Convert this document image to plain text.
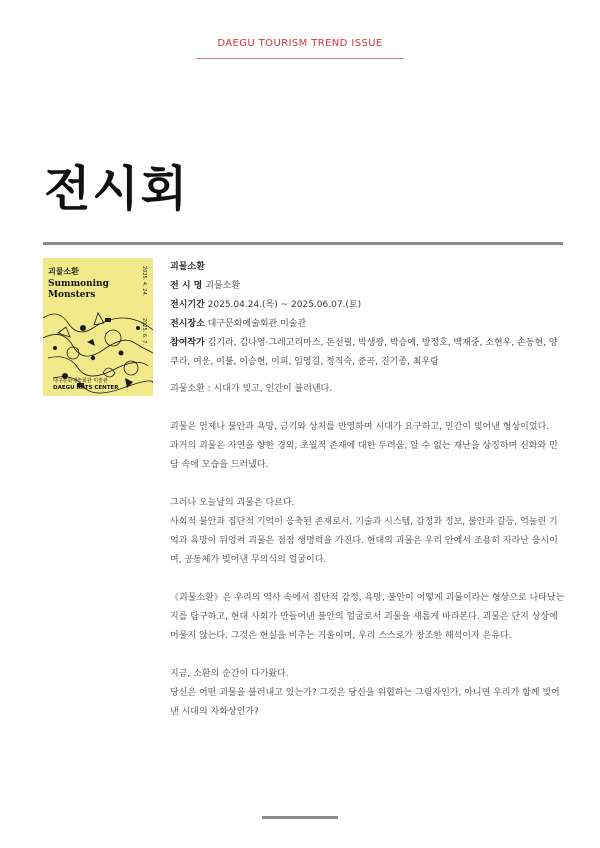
DAEGU TOURISM TREND ISSUE
전시회
괴물소환
Summoning
Monsters	2025. 4. 24.
2025. 6. 7.
대구문화예술회관 미술관
DAEGU ARTS CENTER
괴물소환
전 시 명 괴물소환
전시기간 2025.04.24.(목) ~ 2025.06.07.(토)
전시장소 대구문화예술회관 미술관
참여작가 김기라, 김나영·그레고리마스, 돈선필, 박생광, 박승예, 방정호, 백재중, 소현우, 손동현, 양쿠라, 여운, 이불, 이승현, 이피, 임영길, 정직숙, 준곡, 진기종, 최우람

괴물소환 : 시대가 빚고, 인간이 불러낸다.

괴물은 언제나 불안과 욕망, 금기와 상처를 반영하며 시대가 요구하고, 인간이 빚어낸 형상이었다.

과거의 괴물은 자연을 향한 경외, 초월적 존재에 대한 두려움, 알 수 없는 재난을 상징하며 신화와 민담 속에 모습을 드러냈다.

그러나 오늘날의 괴물은 다르다.

사회적 불안과 집단적 기억이 응축된 존재로서, 기술과 시스템, 감정과 정보, 불안과 갈등, 억눌린 기억과 욕망이 뒤엉켜 괴물은 점점 생명력을 가진다. 현대의 괴물은 우리 안에서 조용히 자라난 응시이며, 공동체가 빚어낸 무의식의 얼굴이다.

《괴물소환》은 우리의 역사 속에서 집단적 감정, 욕망, 불안이 어떻게 괴물이라는 형상으로 나타났는지를 탐구하고, 현대 사회가 만들어낸 불안의 얼굴로서 괴물을 새롭게 바라본다. 괴물은 단지 상상에 머물지 않는다. 그것은 현실을 비추는 거울이며, 우리 스스로가 창조한 해석이자 은유다.

지금, 소환의 순간이 다가왔다.

당신은 어떤 괴물을 불러내고 있는가? 그것은 당신을 위협하는 그림자인가, 아니면 우리가 함께 빚어낸 시대의 자화상인가?
